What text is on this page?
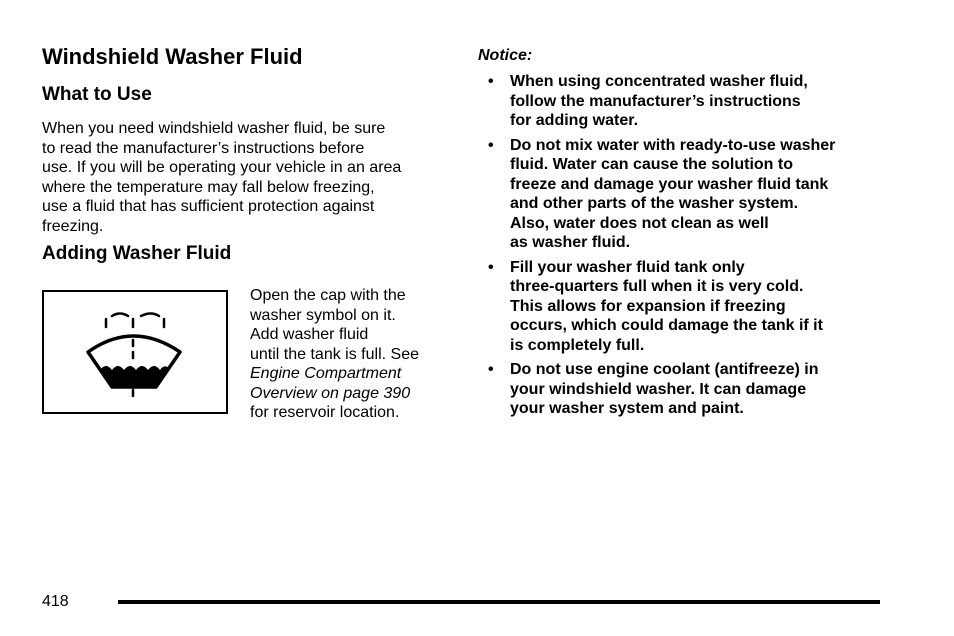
Windshield Washer Fluid
What to Use

When you need windshield washer fluid, be sure
to read the manufacturer’s instructions before
use. If you will be operating your vehicle in an area
where the temperature may fall below freezing,
use a fluid that has sufficient protection against
freezing.

Adding Washer Fluid

Open the cap with the
washer symbol on it.
Add washer fluid
until the tank is full. See
Engine Compartment
Overview on page 390
for reservoir location.

Notice:

• When using concentrated washer fluid,
follow the manufacturer’s instructions
for adding water.
• Do not mix water with ready-to-use washer
fluid. Water can cause the solution to
freeze and damage your washer fluid tank
and other parts of the washer system.
Also, water does not clean as well
as washer fluid.
• Fill your washer fluid tank only
three-quarters full when it is very cold.
This allows for expansion if freezing
occurs, which could damage the tank if it
is completely full.
• Do not use engine coolant (antifreeze) in
your windshield washer. It can damage
your washer system and paint.

418
